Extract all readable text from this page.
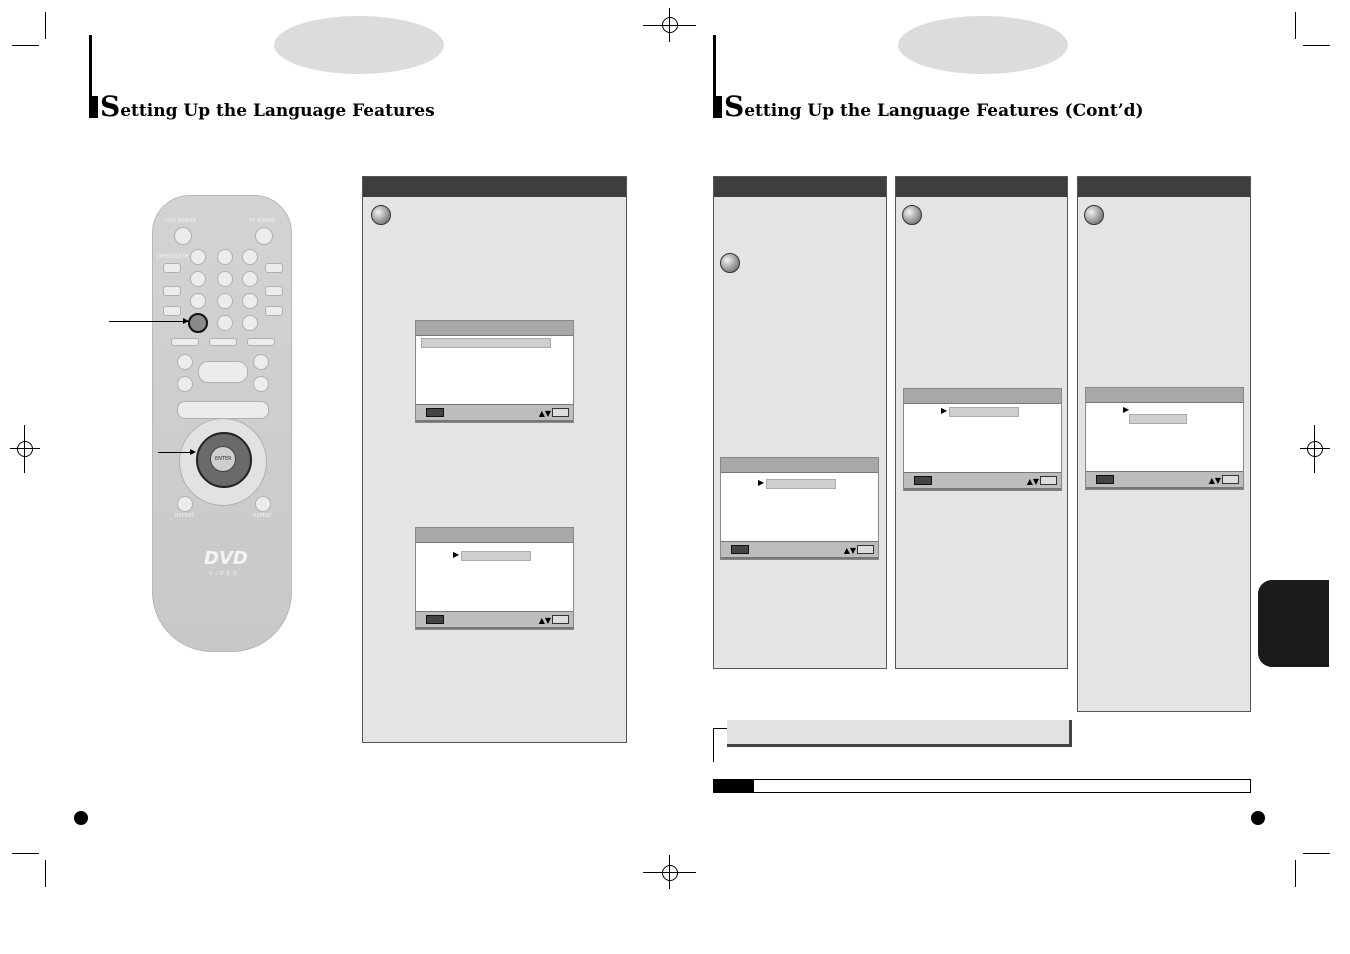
Setting Up the Language Features
DVD POWER	TV POWER
OPEN/CLOSE
ENTER
REPEAT	REPEAT
DVD
VIDEO
▲▼
▶
▲▼
Setting Up the Language Features (Cont’d)
▶
▲▼
▶
▲▼
▶
▲▼
